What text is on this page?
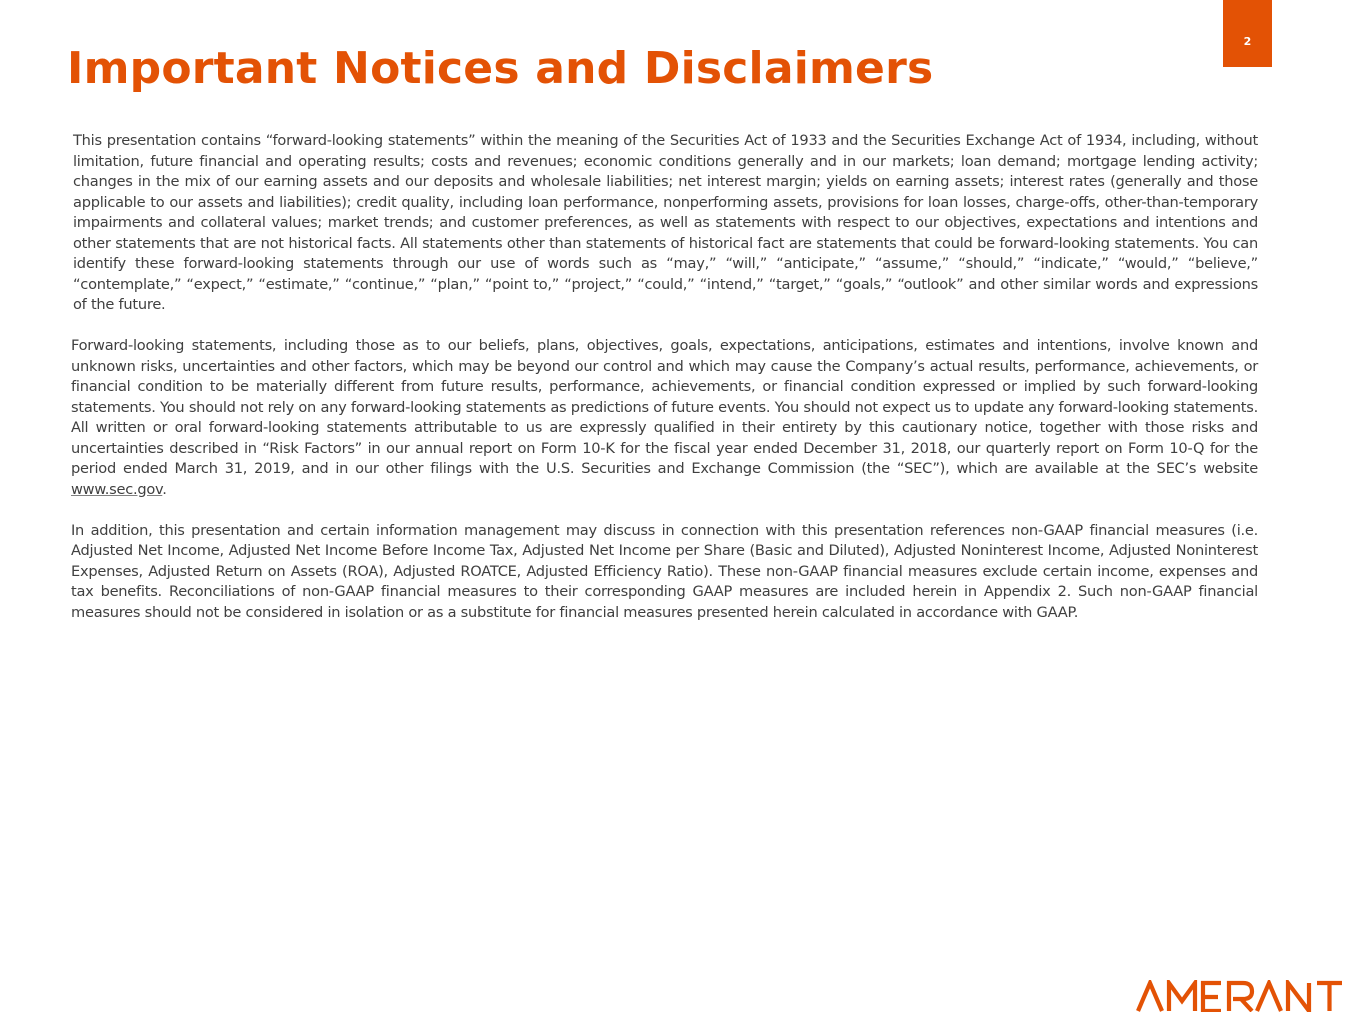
2
Important Notices and Disclaimers

This presentation contains “forward-looking statements” within the meaning of the Securities Act of 1933 and the Securities Exchange Act of 1934, including, without limitation, future financial and operating results; costs and revenues; economic conditions generally and in our markets; loan demand; mortgage lending activity; changes in the mix of our earning assets and our deposits and wholesale liabilities; net interest margin; yields on earning assets; interest rates (generally and those applicable to our assets and liabilities); credit quality, including loan performance, nonperforming assets, provisions for loan losses, charge-offs, other-than-temporary impairments and collateral values; market trends; and customer preferences, as well as statements with respect to our objectives, expectations and intentions and other statements that are not historical facts. All statements other than statements of historical fact are statements that could be forward-looking statements. You can identify these forward-looking statements through our use of words such as “may,” “will,” “anticipate,” “assume,” “should,” “indicate,” “would,” “believe,” “contemplate,” “expect,” “estimate,” “continue,” “plan,” “point to,” “project,” “could,” “intend,” “target,” “goals,” “outlook” and other similar words and expressions of the future.

Forward-looking statements, including those as to our beliefs, plans, objectives, goals, expectations, anticipations, estimates and intentions, involve known and unknown risks, uncertainties and other factors, which may be beyond our control and which may cause the Company’s actual results, performance, achievements, or financial condition to be materially different from future results, performance, achievements, or financial condition expressed or implied by such forward-looking statements. You should not rely on any forward-looking statements as predictions of future events. You should not expect us to update any forward-looking statements. All written or oral forward-looking statements attributable to us are expressly qualified in their entirety by this cautionary notice, together with those risks and uncertainties described in “Risk Factors” in our annual report on Form 10-K for the fiscal year ended December 31, 2018, our quarterly report on Form 10-Q for the period ended March 31, 2019, and in our other filings with the U.S. Securities and Exchange Commission (the “SEC”), which are available at the SEC’s website www.sec.gov.

In addition, this presentation and certain information management may discuss in connection with this presentation references non-GAAP financial measures (i.e. Adjusted Net Income, Adjusted Net Income Before Income Tax, Adjusted Net Income per Share (Basic and Diluted), Adjusted Noninterest Income, Adjusted Noninterest Expenses, Adjusted Return on Assets (ROA), Adjusted ROATCE, Adjusted Efficiency Ratio). These non-GAAP financial measures exclude certain income, expenses and tax benefits. Reconciliations of non-GAAP financial measures to their corresponding GAAP measures are included herein in Appendix 2. Such non-GAAP financial measures should not be considered in isolation or as a substitute for financial measures presented herein calculated in accordance with GAAP.
